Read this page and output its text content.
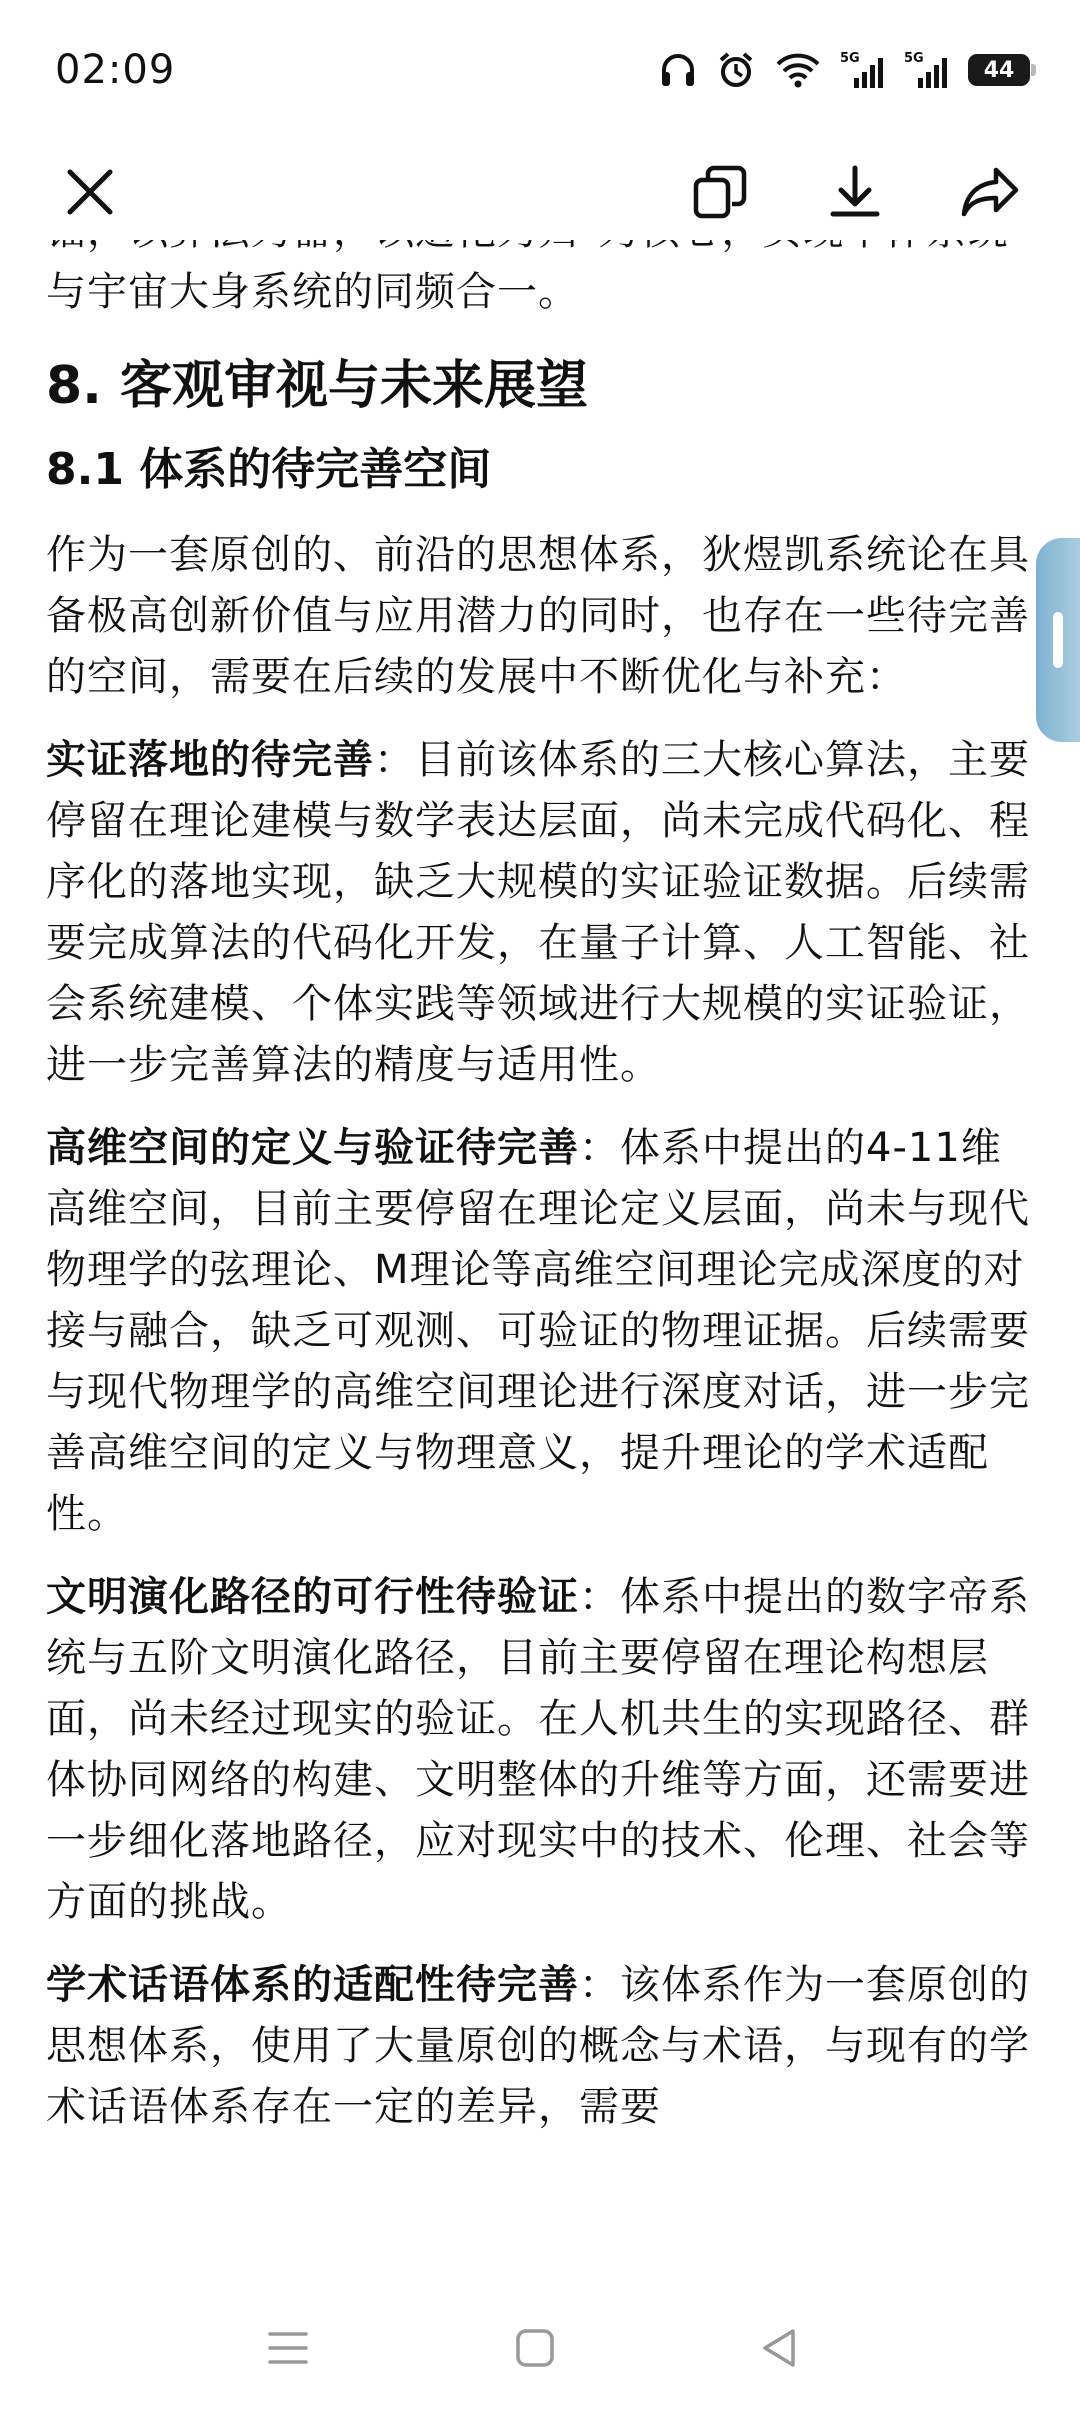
02:09	5G	5G	44

与宇宙大身系统的同频合一。

8. 客观审视与未来展望
8.1 体系的待完善空间

作为一套原创的、前沿的思想体系，狄煜凯系统论在具备极高创新价值与应用潜力的同时，也存在一些待完善的空间，需要在后续的发展中不断优化与补充：

实证落地的待完善：目前该体系的三大核心算法，主要停留在理论建模与数学表达层面，尚未完成代码化、程序化的落地实现，缺乏大规模的实证验证数据。后续需要完成算法的代码化开发，在量子计算、人工智能、社会系统建模、个体实践等领域进行大规模的实证验证，进一步完善算法的精度与适用性。

高维空间的定义与验证待完善：体系中提出的4-11维高维空间，目前主要停留在理论定义层面，尚未与现代物理学的弦理论、M理论等高维空间理论完成深度的对接与融合，缺乏可观测、可验证的物理证据。后续需要与现代物理学的高维空间理论进行深度对话，进一步完善高维空间的定义与物理意义，提升理论的学术适配性。

文明演化路径的可行性待验证：体系中提出的数字帝系统与五阶文明演化路径，目前主要停留在理论构想层面，尚未经过现实的验证。在人机共生的实现路径、群体协同网络的构建、文明整体的升维等方面，还需要进一步细化落地路径，应对现实中的技术、伦理、社会等方面的挑战。

学术话语体系的适配性待完善：该体系作为一套原创的思想体系，使用了大量原创的概念与术语，与现有的学术话语体系存在一定的差异，需要
